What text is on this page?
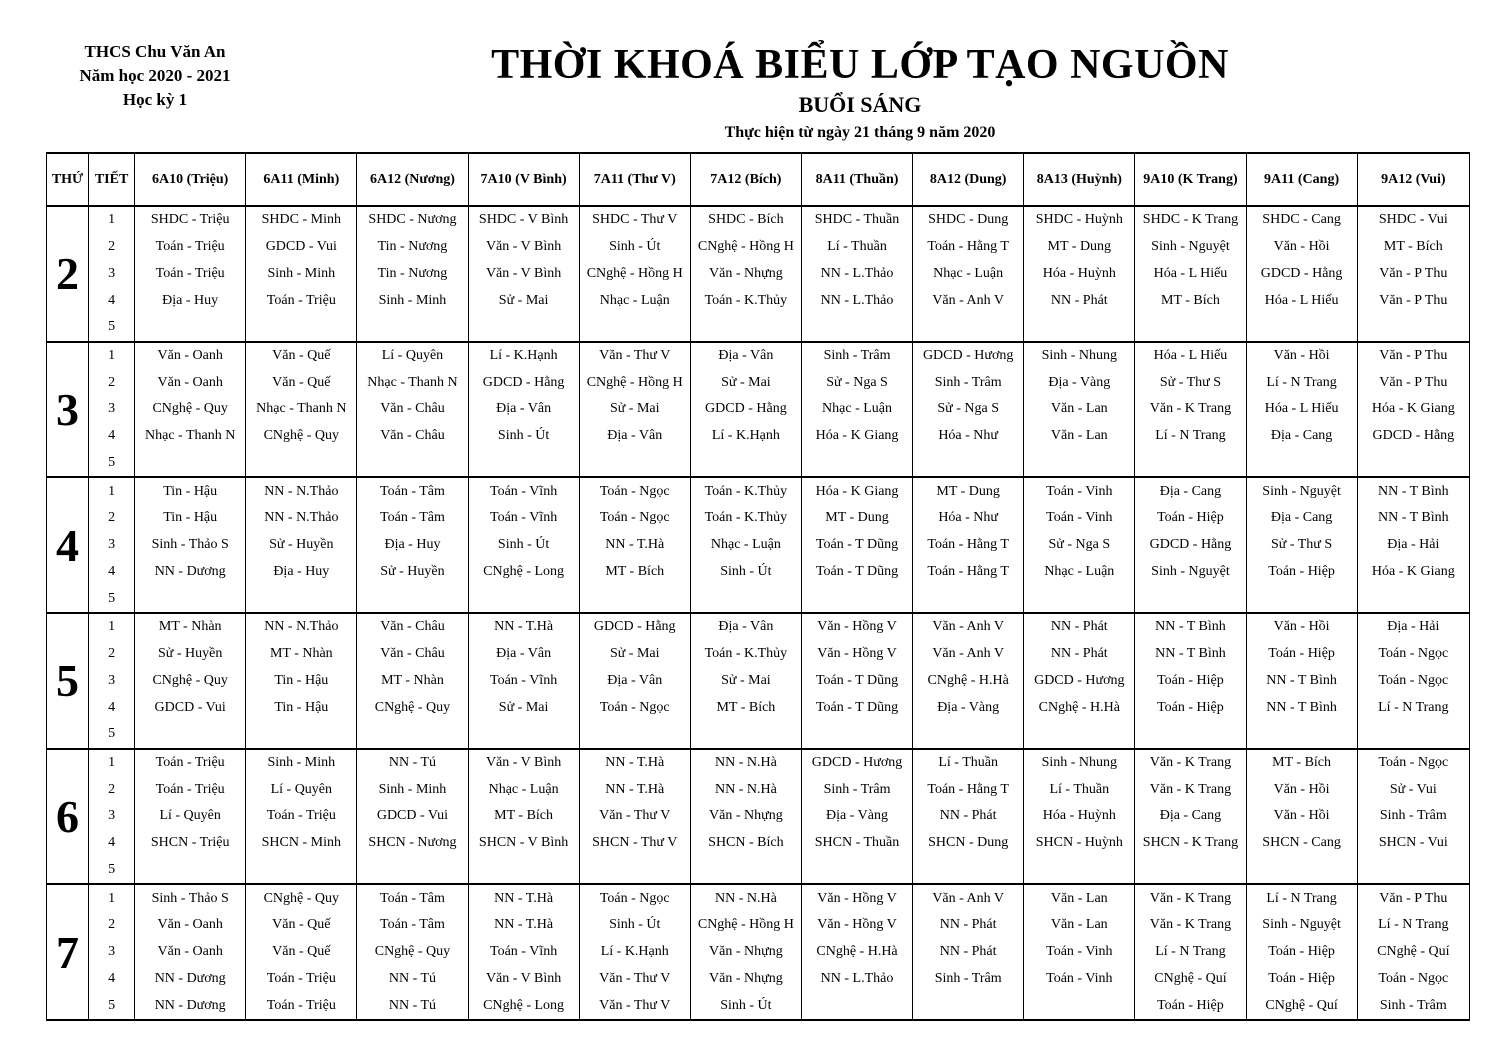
THCS Chu Văn An
Năm học 2020 - 2021
Học kỳ 1
THỜI KHOÁ BIỂU LỚP TẠO NGUỒN
BUỔI SÁNG
Thực hiện từ ngày 21 tháng 9 năm 2020
THỨ	TIẾT	6A10 (Triệu)	6A11 (Minh)	6A12 (Nương)	7A10 (V Bình)	7A11 (Thư V)	7A12 (Bích)	8A11 (Thuần)	8A12 (Dung)	8A13 (Huỳnh)	9A10 (K Trang)	9A11 (Cang)	9A12 (Vui)
2	1	SHDC - Triệu	SHDC - Minh	SHDC - Nương	SHDC - V Bình	SHDC - Thư V	SHDC - Bích	SHDC - Thuần	SHDC - Dung	SHDC - Huỳnh	SHDC - K Trang	SHDC - Cang	SHDC - Vui
	2	Toán - Triệu	GDCD - Vui	Tin - Nương	Văn - V Bình	Sinh - Út	CNghệ - Hồng H	Lí - Thuần	Toán - Hằng T	MT - Dung	Sinh - Nguyệt	Văn - Hồi	MT - Bích
	3	Toán - Triệu	Sinh - Minh	Tin - Nương	Văn - V Bình	CNghệ - Hồng H	Văn - Nhựng	NN - L.Thảo	Nhạc - Luận	Hóa - Huỳnh	Hóa - L Hiếu	GDCD - Hằng	Văn - P Thu
	4	Địa - Huy	Toán - Triệu	Sinh - Minh	Sử - Mai	Nhạc - Luận	Toán - K.Thủy	NN - L.Thảo	Văn - Anh V	NN - Phát	MT - Bích	Hóa - L Hiếu	Văn - P Thu
	5												
3	1	Văn - Oanh	Văn - Quế	Lí - Quyên	Lí - K.Hạnh	Văn - Thư V	Địa - Vân	Sinh - Trâm	GDCD - Hương	Sinh - Nhung	Hóa - L Hiếu	Văn - Hồi	Văn - P Thu
	2	Văn - Oanh	Văn - Quế	Nhạc - Thanh N	GDCD - Hằng	CNghệ - Hồng H	Sử - Mai	Sử - Nga S	Sinh - Trâm	Địa - Vàng	Sử - Thư S	Lí - N Trang	Văn - P Thu
	3	CNghệ - Quy	Nhạc - Thanh N	Văn - Châu	Địa - Vân	Sử - Mai	GDCD - Hằng	Nhạc - Luận	Sử - Nga S	Văn - Lan	Văn - K Trang	Hóa - L Hiếu	Hóa - K Giang
	4	Nhạc - Thanh N	CNghệ - Quy	Văn - Châu	Sinh - Út	Địa - Vân	Lí - K.Hạnh	Hóa - K Giang	Hóa - Như	Văn - Lan	Lí - N Trang	Địa - Cang	GDCD - Hằng
	5												
4	1	Tin - Hậu	NN - N.Thảo	Toán - Tâm	Toán - Vĩnh	Toán - Ngọc	Toán - K.Thủy	Hóa - K Giang	MT - Dung	Toán - Vinh	Địa - Cang	Sinh - Nguyệt	NN - T Bình
	2	Tin - Hậu	NN - N.Thảo	Toán - Tâm	Toán - Vĩnh	Toán - Ngọc	Toán - K.Thủy	MT - Dung	Hóa - Như	Toán - Vinh	Toán - Hiệp	Địa - Cang	NN - T Bình
	3	Sinh - Thảo S	Sử - Huyền	Địa - Huy	Sinh - Út	NN - T.Hà	Nhạc - Luận	Toán - T Dũng	Toán - Hằng T	Sử - Nga S	GDCD - Hằng	Sử - Thư S	Địa - Hải
	4	NN - Dương	Địa - Huy	Sử - Huyền	CNghệ - Long	MT - Bích	Sinh - Út	Toán - T Dũng	Toán - Hằng T	Nhạc - Luận	Sinh - Nguyệt	Toán - Hiệp	Hóa - K Giang
	5												
5	1	MT - Nhàn	NN - N.Thảo	Văn - Châu	NN - T.Hà	GDCD - Hằng	Địa - Vân	Văn - Hồng V	Văn - Anh V	NN - Phát	NN - T Bình	Văn - Hồi	Địa - Hải
	2	Sử - Huyền	MT - Nhàn	Văn - Châu	Địa - Vân	Sử - Mai	Toán - K.Thủy	Văn - Hồng V	Văn - Anh V	NN - Phát	NN - T Bình	Toán - Hiệp	Toán - Ngọc
	3	CNghệ - Quy	Tin - Hậu	MT - Nhàn	Toán - Vĩnh	Địa - Vân	Sử - Mai	Toán - T Dũng	CNghệ - H.Hà	GDCD - Hương	Toán - Hiệp	NN - T Bình	Toán - Ngọc
	4	GDCD - Vui	Tin - Hậu	CNghệ - Quy	Sử - Mai	Toán - Ngọc	MT - Bích	Toán - T Dũng	Địa - Vàng	CNghệ - H.Hà	Toán - Hiệp	NN - T Bình	Lí - N Trang
	5												
6	1	Toán - Triệu	Sinh - Minh	NN - Tú	Văn - V Bình	NN - T.Hà	NN - N.Hà	GDCD - Hương	Lí - Thuần	Sinh - Nhung	Văn - K Trang	MT - Bích	Toán - Ngọc
	2	Toán - Triệu	Lí - Quyên	Sinh - Minh	Nhạc - Luận	NN - T.Hà	NN - N.Hà	Sinh - Trâm	Toán - Hằng T	Lí - Thuần	Văn - K Trang	Văn - Hồi	Sử - Vui
	3	Lí - Quyên	Toán - Triệu	GDCD - Vui	MT - Bích	Văn - Thư V	Văn - Nhựng	Địa - Vàng	NN - Phát	Hóa - Huỳnh	Địa - Cang	Văn - Hồi	Sinh - Trâm
	4	SHCN - Triệu	SHCN - Minh	SHCN - Nương	SHCN - V Bình	SHCN - Thư V	SHCN - Bích	SHCN - Thuần	SHCN - Dung	SHCN - Huỳnh	SHCN - K Trang	SHCN - Cang	SHCN - Vui
	5												
7	1	Sinh - Thảo S	CNghệ - Quy	Toán - Tâm	NN - T.Hà	Toán - Ngọc	NN - N.Hà	Văn - Hồng V	Văn - Anh V	Văn - Lan	Văn - K Trang	Lí - N Trang	Văn - P Thu
	2	Văn - Oanh	Văn - Quế	Toán - Tâm	NN - T.Hà	Sinh - Út	CNghệ - Hồng H	Văn - Hồng V	NN - Phát	Văn - Lan	Văn - K Trang	Sinh - Nguyệt	Lí - N Trang
	3	Văn - Oanh	Văn - Quế	CNghệ - Quy	Toán - Vĩnh	Lí - K.Hạnh	Văn - Nhựng	CNghệ - H.Hà	NN - Phát	Toán - Vinh	Lí - N Trang	Toán - Hiệp	CNghệ - Quí
	4	NN - Dương	Toán - Triệu	NN - Tú	Văn - V Bình	Văn - Thư V	Văn - Nhựng	NN - L.Thảo	Sinh - Trâm	Toán - Vinh	CNghệ - Quí	Toán - Hiệp	Toán - Ngọc
	5	NN - Dương	Toán - Triệu	NN - Tú	CNghệ - Long	Văn - Thư V	Sinh - Út				Toán - Hiệp	CNghệ - Quí	Sinh - Trâm
